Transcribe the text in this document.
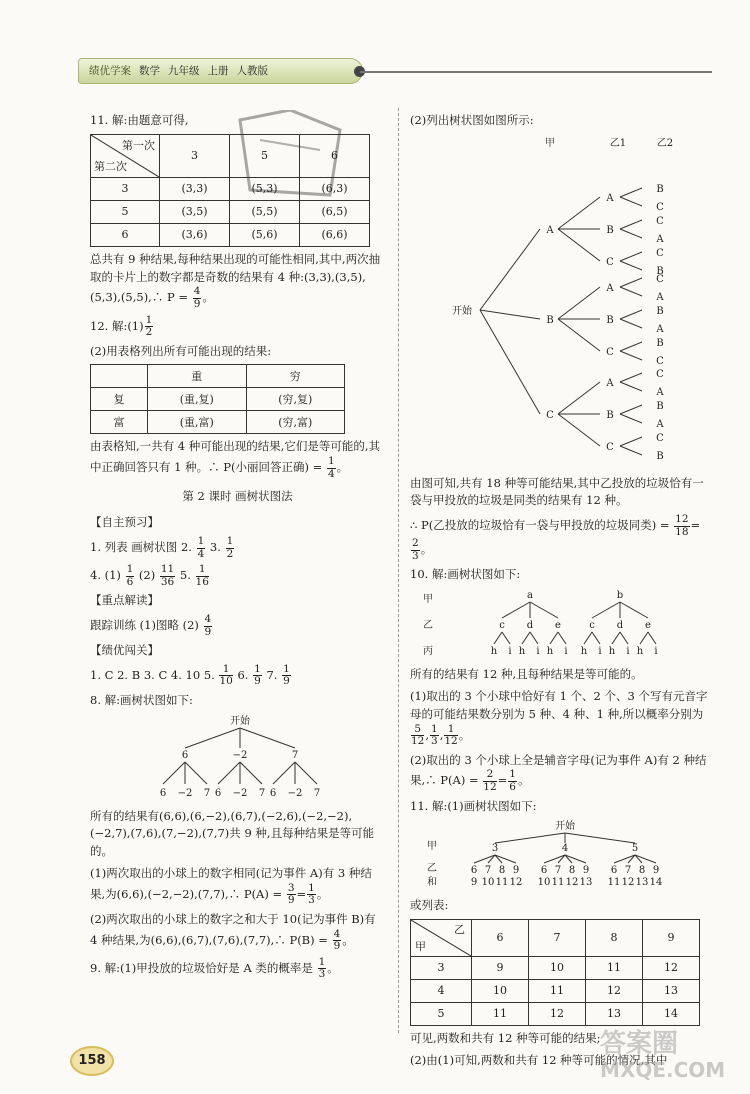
绩优学案 数学 九年级 上册 人教版

11. 解:由题意可得,

第一次
第二次	3	5	6
3	(3,3)	(5,3)	(6,3)
5	(3,5)	(5,5)	(6,5)
6	(3,6)	(5,6)	(6,6)

总共有 9 种结果,每种结果出现的可能性相同,其中,两次抽取的卡片上的数字都是奇数的结果有 4 种:(3,3),(3,5),(5,3),(5,5),∴ $P = \frac{4}{9}$ 。

12. 解:(1) $\frac{1}{2}$

(2)用表格列出所有可能出现的结果:

	重	穷
复	(重,复)	(穷,复)
富	(重,富)	(穷,富)

由表格知,一共有 4 种可能出现的结果,它们是等可能的,其中正确回答只有 1 种。∴ P(小丽回答正确) = $\frac{1}{4}$ 。

第 2 课时 画树状图法

【自主预习】

1. 列表 画树状图 2. $\frac{1}{4} 3$. $\frac{1}{2}$

4. $(1) \frac{1}{6} (2) \frac{11}{36} 5$. $\frac{1}{16}$

【重点解读】

跟踪训练 (1)图略 $(2) \frac{4}{9}$

【绩优闯关】

1. C 2. B 3. C 4. 10 5. $\frac{1}{10} 6$. $\frac{1}{9} 7$. $\frac{1}{9}$

8. 解:画树状图如下:

开始
6
6 −2 7
−2
6 −2 7
7
6 −2 7

所有的结果有(6,6),(6,−2),(6,7),(−2,6),(−2,−2),(−2,7),(7,6),(7,−2),(7,7)共 9 种,且每种结果是等可能的。

(1)两次取出的小球上的数字相同(记为事件 A)有 3 种结果,为(6,6),(−2,−2),(7,7),∴ $P(A) = \frac{3}{9} = \frac{1}{3}$ 。

(2)两次取出的小球上的数字之和大于 10(记为事件 B)有 4 种结果,为(6,6),(6,7),(7,6),(7,7),∴ $P(B) = \frac{4}{9}$ 。

9. 解:(1)甲投放的垃圾恰好是 A 类的概率是 $\frac{1}{3}$ 。

(2)列出树状图如图所示:

甲	乙1	乙2
开始
A
A
B
C
B
C
A
C
C
B
B
A
C
A
B
B
A
C
B
C
C
A
C
A
B
B
A
C
C
B

由图可知,共有 18 种等可能结果,其中乙投放的垃圾恰有一袋与甲投放的垃圾是同类的结果有 12 种。

∴ P(乙投放的垃圾恰有一袋与甲投放的垃圾同类) = $\frac{12}{18}$ =
$\frac{2}{3}$ 。

10. 解:画树状图如下:

甲
乙
丙
a
c
h i
d
h i
e
h i
b
c
h i
d
h i
e
h i

所有的结果有 12 种,且每种结果是等可能的。

(1)取出的 3 个小球中恰好有 1 个、2 个、3 个写有元音字母的可能结果数分别为 5 种、4 种、1 种,所以概率分别为
$\frac{5}{12}$ , $\frac{1}{3}$ , $\frac{1}{12}$ 。

(2)取出的 3 个小球上全是辅音字母(记为事件 A)有 2 种结果,∴ $P(A) = \frac{2}{12} = \frac{1}{6}$ 。

11. 解:(1)画树状图如下:

开始
甲
乙
和
3
6
9
7
10
8
11
9
12
4
6
10
7
11
8
12
9
13
5
6
11
7
12
8
13
9
14

或列表:

乙
甲	6	7	8	9
3	9	10	11	12
4	10	11	12	13
5	11	12	13	14

可见,两数和共有 12 种等可能的结果;

(2)由(1)可知,两数和共有 12 种等可能的情况,其中

158
答案圈
MXQE.COM
